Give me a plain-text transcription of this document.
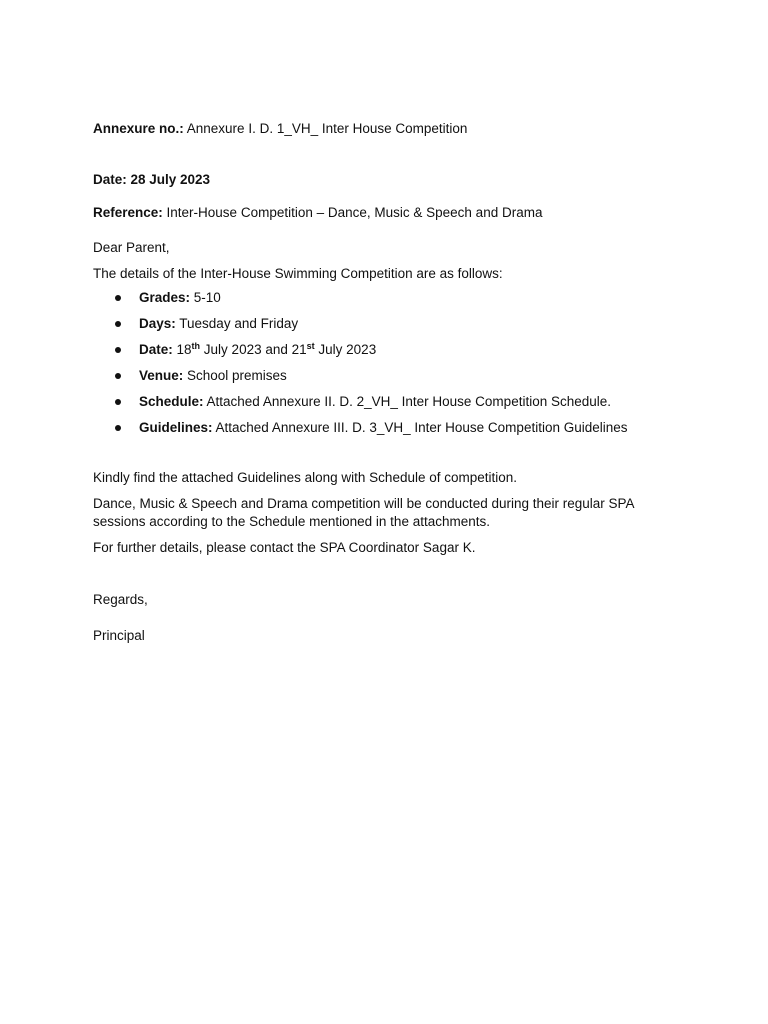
Annexure no.: Annexure I. D. 1_VH_ Inter House Competition
Date: 28 July 2023
Reference: Inter-House Competition – Dance, Music & Speech and Drama
Dear Parent,
The details of the Inter-House Swimming Competition are as follows:
Grades: 5-10
Days: Tuesday and Friday
Date: 18th July 2023 and 21st July 2023
Venue: School premises
Schedule: Attached Annexure II. D. 2_VH_ Inter House Competition Schedule.
Guidelines: Attached Annexure III. D. 3_VH_ Inter House Competition Guidelines
Kindly find the attached Guidelines along with Schedule of competition.
Dance, Music & Speech and Drama competition will be conducted during their regular SPA sessions according to the Schedule mentioned in the attachments.
For further details, please contact the SPA Coordinator Sagar K.
Regards,
Principal
